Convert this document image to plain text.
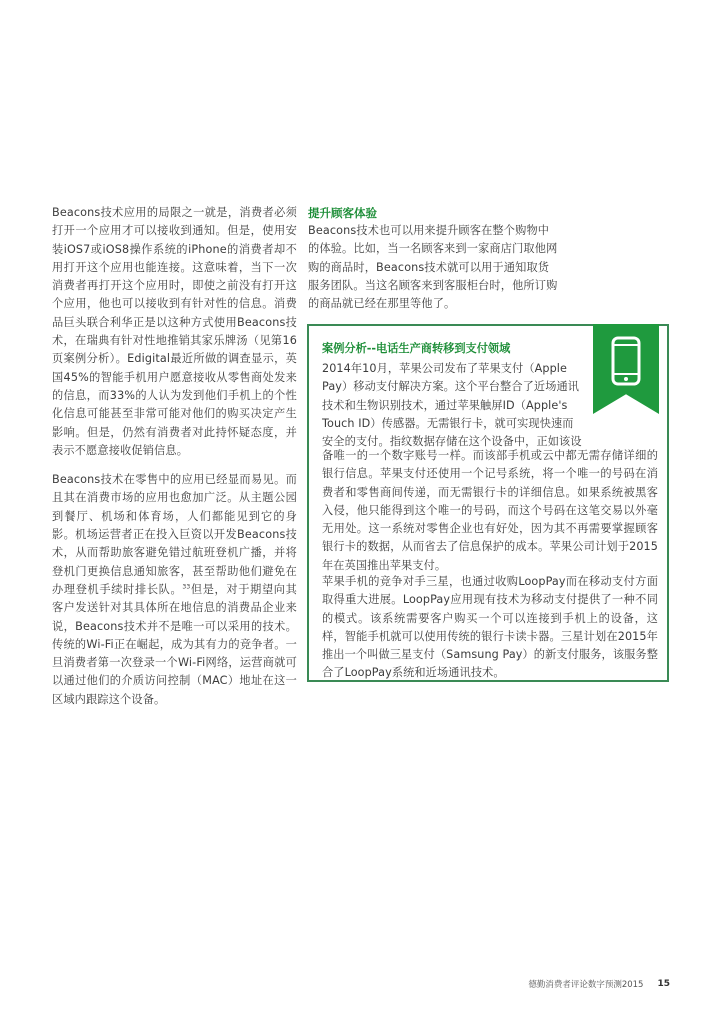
Beacons技术应用的局限之一就是，消费者必须打开一个应用才可以接收到通知。但是，使用安装iOS7或iOS8操作系统的iPhone的消费者却不用打开这个应用也能连接。这意味着，当下一次消费者再打开这个应用时，即使之前没有打开这个应用，他也可以接收到有针对性的信息。消费品巨头联合利华正是以这种方式使用Beacons技术，在瑞典有针对性地推销其家乐牌汤（见第16页案例分析）。Edigital最近所做的调查显示，英国45%的智能手机用户愿意接收从零售商处发来的信息，而33%的人认为发到他们手机上的个性化信息可能甚至非常可能对他们的购买决定产生影响。但是，仍然有消费者对此持怀疑态度，并表示不愿意接收促销信息。

Beacons技术在零售中的应用已经显而易见。而且其在消费市场的应用也愈加广泛。从主题公园到餐厅、机场和体育场，人们都能见到它的身影。机场运营者正在投入巨资以开发Beacons技术，从而帮助旅客避免错过航班登机广播，并将登机门更换信息通知旅客，甚至帮助他们避免在办理登机手续时排长队。$^{33}$但是，对于期望向其客户发送针对其具体所在地信息的消费品企业来说，Beacons技术并不是唯一可以采用的技术。传统的Wi-Fi正在崛起，成为其有力的竞争者。一旦消费者第一次登录一个Wi-Fi网络，运营商就可以通过他们的介质访问控制（MAC）地址在这一区域内跟踪这个设备。

提升顾客体验

Beacons技术也可以用来提升顾客在整个购物中的体验。比如，当一名顾客来到一家商店门取他网购的商品时，Beacons技术就可以用于通知取货服务团队。当这名顾客来到客服柜台时，他所订购的商品就已经在那里等他了。

案例分析--电话生产商转移到支付领域

2014年10月，苹果公司发布了苹果支付（Apple Pay）移动支付解决方案。这个平台整合了近场通讯技术和生物识别技术，通过苹果触屏ID（Apple's Touch ID）传感器。无需银行卡，就可实现快速而安全的支付。指纹数据存储在这个设备中，正如该设

备唯一的一个数字账号一样。而该部手机或云中都无需存储详细的银行信息。苹果支付还使用一个记号系统，将一个唯一的号码在消费者和零售商间传递，而无需银行卡的详细信息。如果系统被黑客入侵，他只能得到这个唯一的号码，而这个号码在这笔交易以外毫无用处。这一系统对零售企业也有好处，因为其不再需要掌握顾客银行卡的数据，从而省去了信息保护的成本。苹果公司计划于2015年在英国推出苹果支付。

苹果手机的竞争对手三星，也通过收购LoopPay而在移动支付方面取得重大进展。LoopPay应用现有技术为移动支付提供了一种不同的模式。该系统需要客户购买一个可以连接到手机上的设备，这样，智能手机就可以使用传统的银行卡读卡器。三星计划在2015年推出一个叫做三星支付（Samsung Pay）的新支付服务，该服务整合了LoopPay系统和近场通讯技术。

德勤消费者评论数字预测2015 15
